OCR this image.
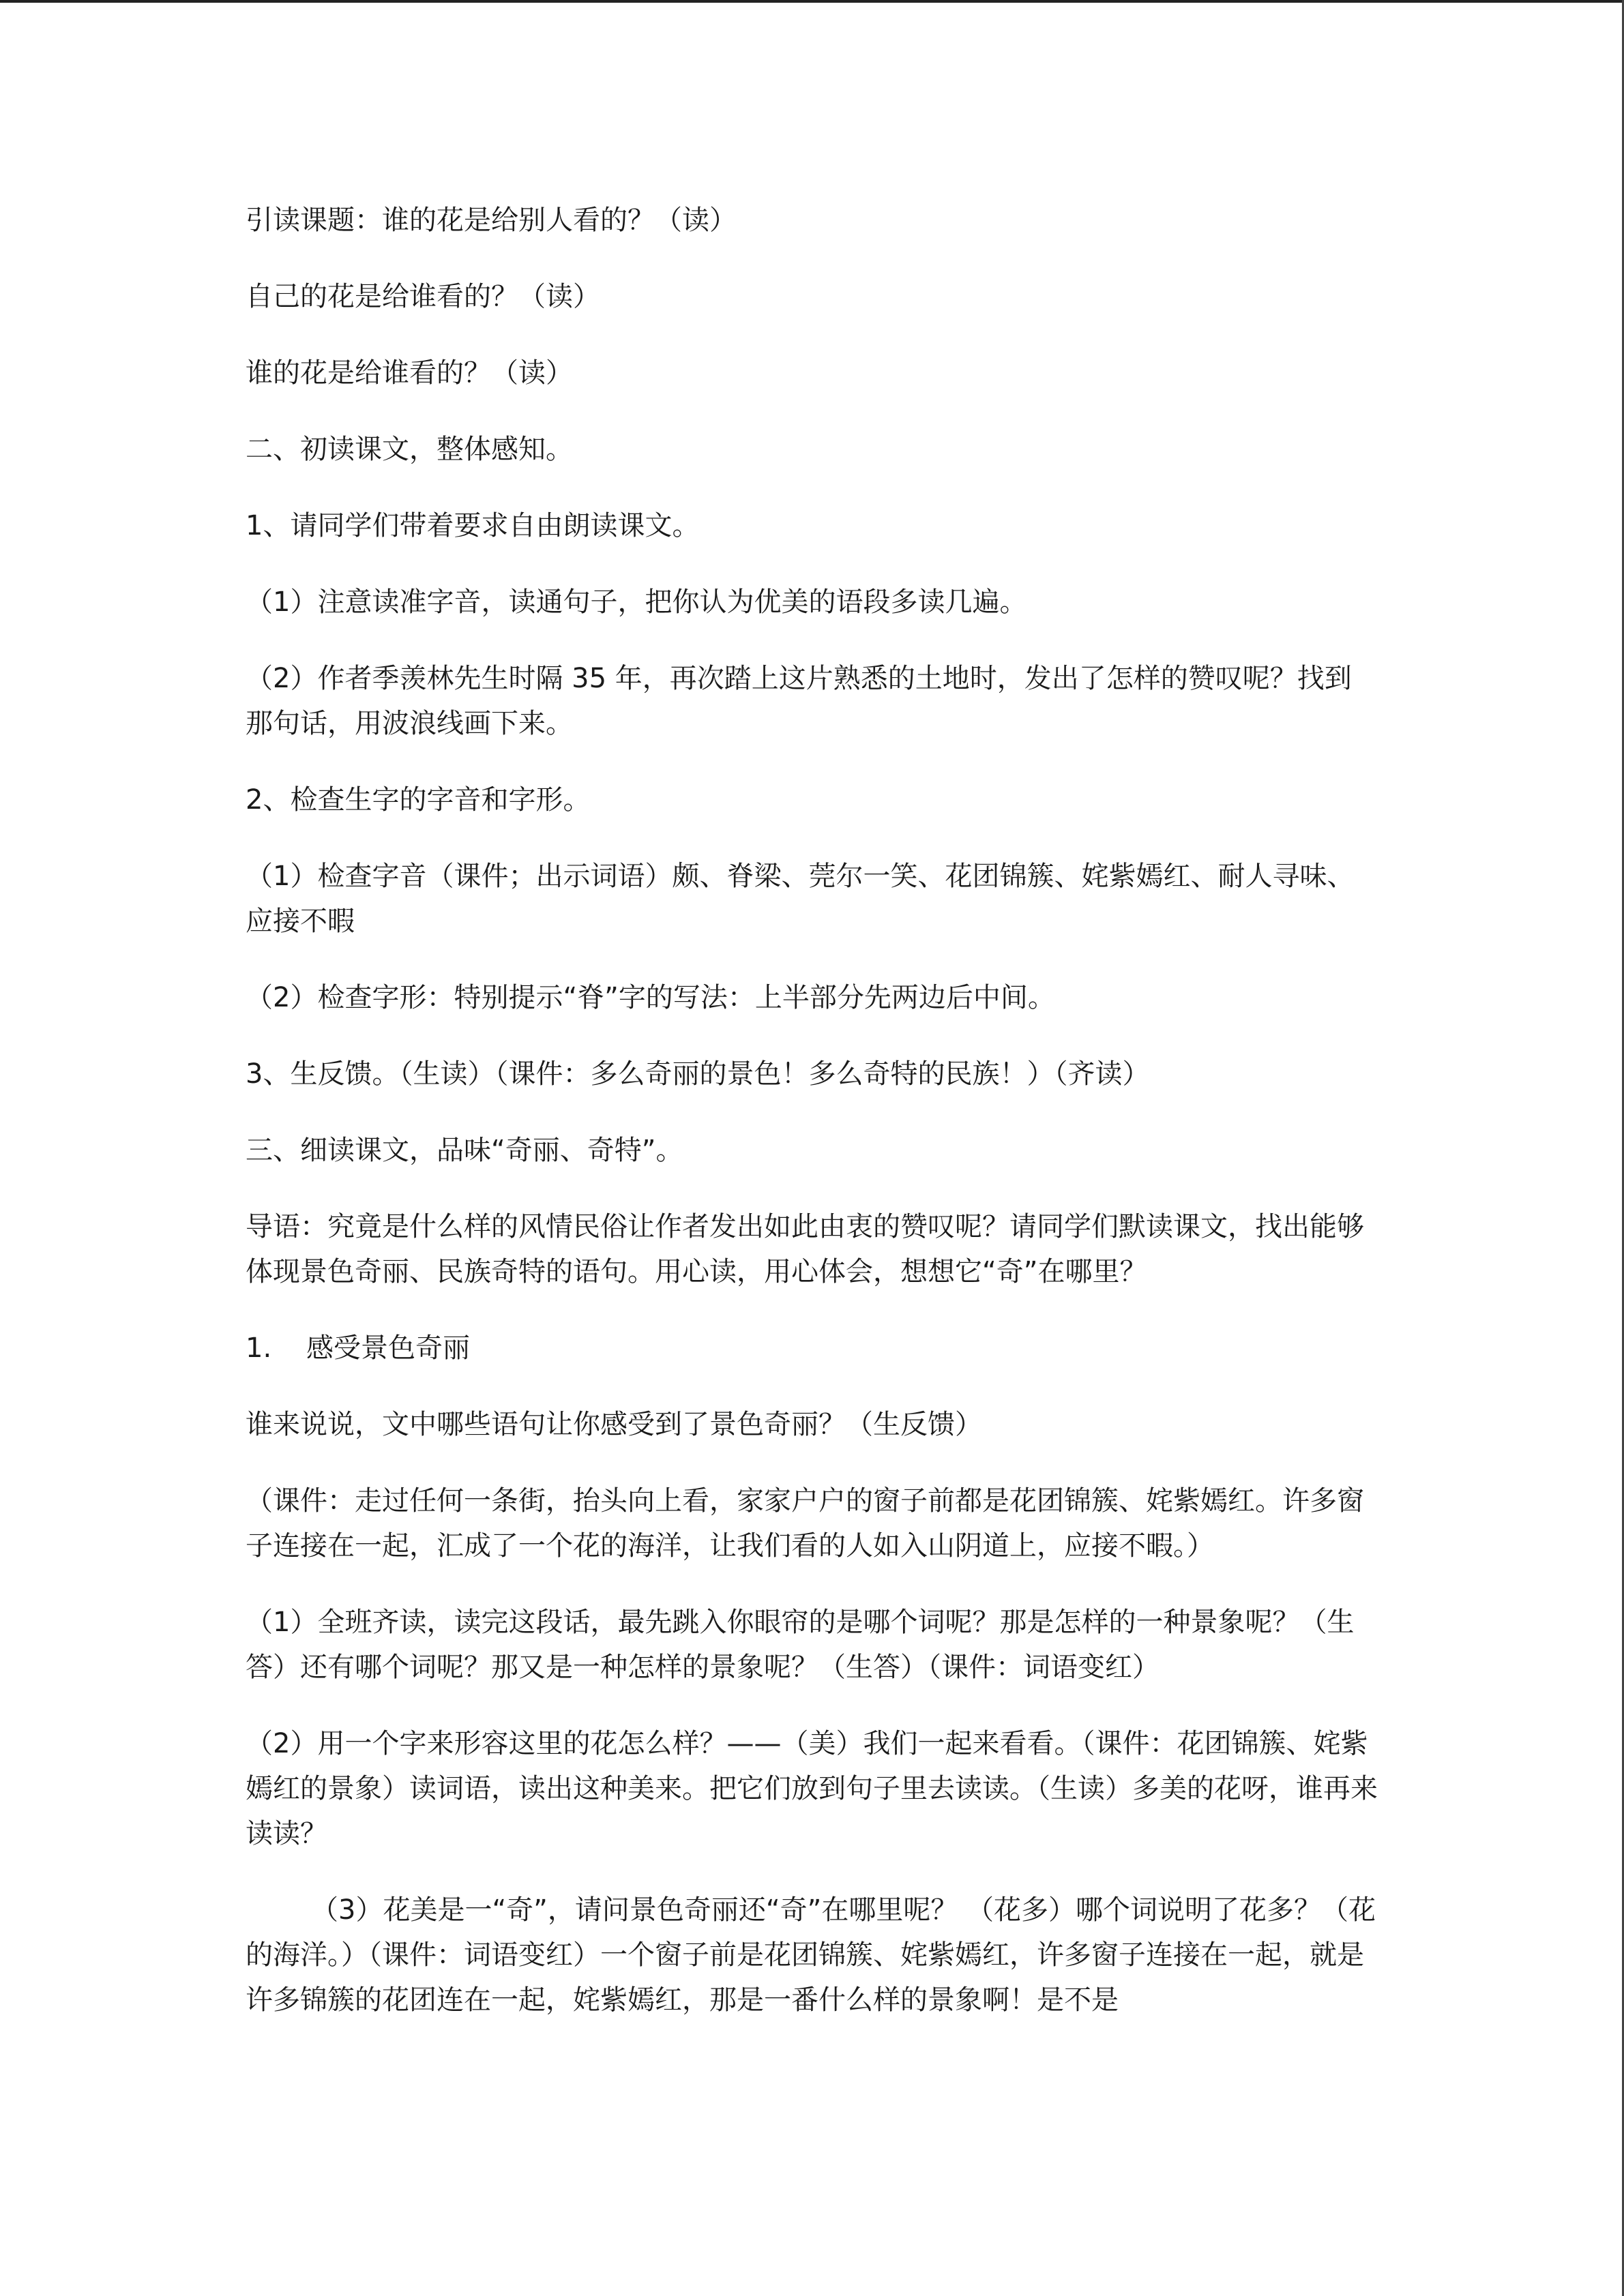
引读课题：谁的花是给别人看的？（读）

自己的花是给谁看的？（读）

谁的花是给谁看的？（读）

二、初读课文，整体感知。

1、请同学们带着要求自由朗读课文。

（1）注意读准字音，读通句子，把你认为优美的语段多读几遍。

（2）作者季羡林先生时隔 35 年，再次踏上这片熟悉的土地时，发出了怎样的赞叹呢？找到那句话，用波浪线画下来。

2、检查生字的字音和字形。

（1）检查字音（课件；出示词语）颇、脊梁、莞尔一笑、花团锦簇、姹紫嫣红、耐人寻味、应接不暇

（2）检查字形：特别提示“脊”字的写法：上半部分先两边后中间。

3、生反馈。（生读）（课件：多么奇丽的景色！多么奇特的民族！）（齐读）

三、细读课文，品味“奇丽、奇特”。

导语：究竟是什么样的风情民俗让作者发出如此由衷的赞叹呢？请同学们默读课文，找出能够体现景色奇丽、民族奇特的语句。用心读，用心体会，想想它“奇”在哪里？

1.    感受景色奇丽

谁来说说，文中哪些语句让你感受到了景色奇丽？（生反馈）

（课件：走过任何一条街，抬头向上看，家家户户的窗子前都是花团锦簇、姹紫嫣红。许多窗子连接在一起，汇成了一个花的海洋，让我们看的人如入山阴道上，应接不暇。）

（1）全班齐读，读完这段话，最先跳入你眼帘的是哪个词呢？那是怎样的一种景象呢？（生答）还有哪个词呢？那又是一种怎样的景象呢？（生答）（课件：词语变红）

（2）用一个字来形容这里的花怎么样？——（美）我们一起来看看。（课件：花团锦簇、姹紫嫣红的景象）读词语，读出这种美来。把它们放到句子里去读读。（生读）多美的花呀，谁再来读读？

（3）花美是一“奇”，请问景色奇丽还“奇”在哪里呢？ （花多）哪个词说明了花多？（花的海洋。）（课件：词语变红）一个窗子前是花团锦簇、姹紫嫣红，许多窗子连接在一起，就是许多锦簇的花团连在一起，姹紫嫣红，那是一番什么样的景象啊！是不是
